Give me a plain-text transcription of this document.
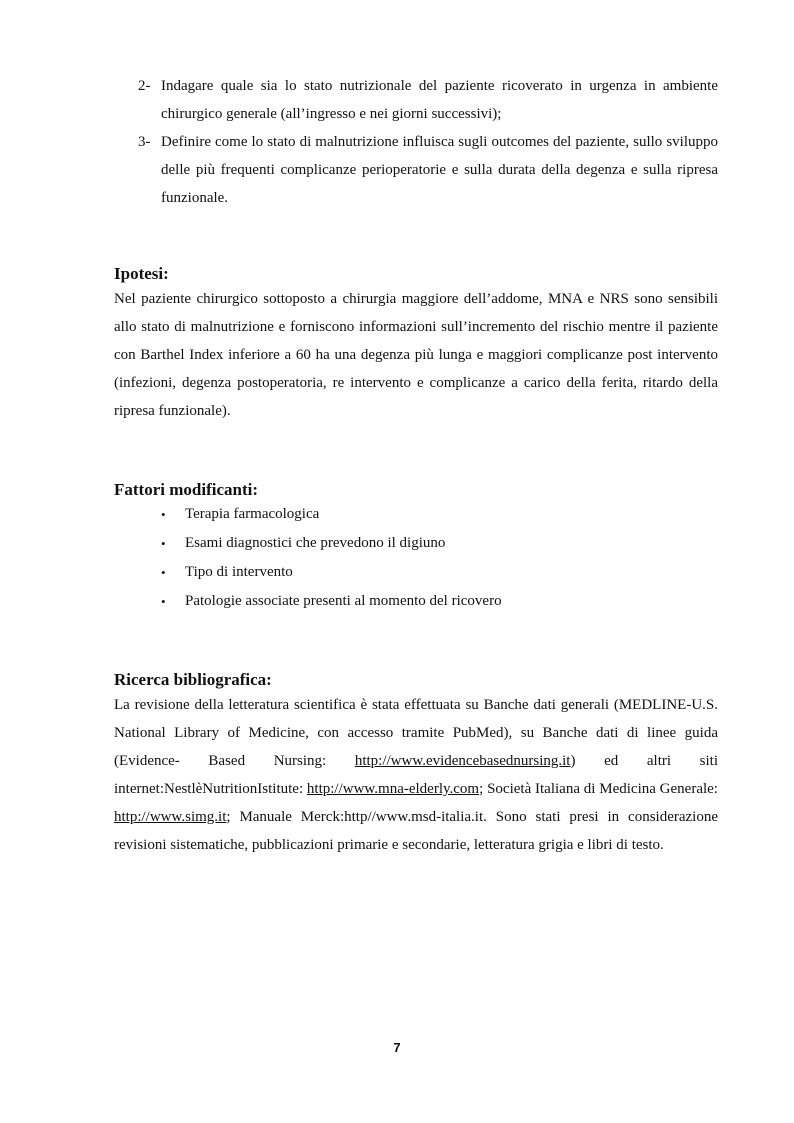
2- Indagare quale sia lo stato nutrizionale del paziente ricoverato in urgenza in ambiente chirurgico generale (all’ingresso e nei giorni successivi);
3- Definire come lo stato di malnutrizione influisca sugli outcomes del paziente, sullo sviluppo delle più frequenti complicanze perioperatorie e sulla durata della degenza e sulla ripresa funzionale.
Ipotesi:

Nel paziente chirurgico sottoposto a chirurgia maggiore dell’addome, MNA e NRS sono sensibili allo stato di malnutrizione e forniscono informazioni sull’incremento del rischio mentre il paziente con Barthel Index inferiore a 60 ha una degenza più lunga e maggiori complicanze post intervento (infezioni, degenza postoperatoria, re intervento e complicanze a carico della ferita, ritardo della ripresa funzionale).

Fattori modificanti:
• Terapia farmacologica
• Esami diagnostici che prevedono il digiuno
• Tipo di intervento
• Patologie associate presenti al momento del ricovero
Ricerca bibliografica:

La revisione della letteratura scientifica è stata effettuata su Banche dati generali (MEDLINE-U.S. National Library of Medicine, con accesso tramite PubMed), su Banche dati di linee guida (Evidence- Based Nursing: http://www.evidencebasednursing.it) ed altri siti internet:NestlèNutritionIstitute: http://www.mna-elderly.com; Società Italiana di Medicina Generale: http://www.simg.it; Manuale Merck:http//www.msd-italia.it. Sono stati presi in considerazione revisioni sistematiche, pubblicazioni primarie e secondarie, letteratura grigia e libri di testo.

7
